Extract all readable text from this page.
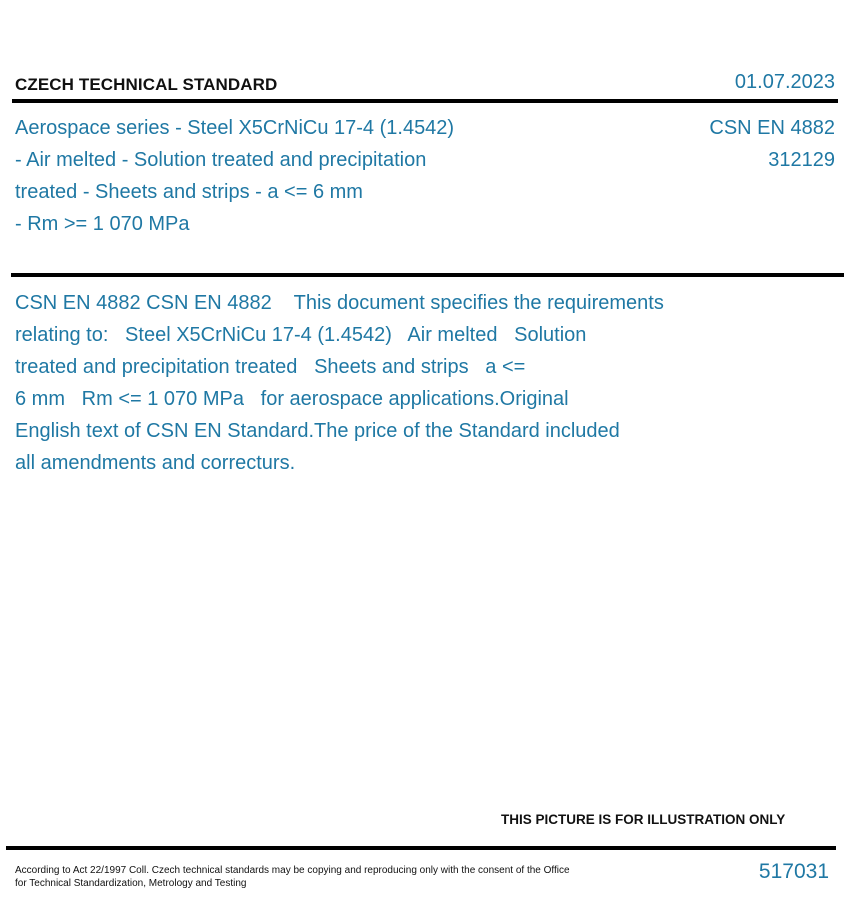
CZECH TECHNICAL STANDARD	01.07.2023
Aerospace series - Steel X5CrNiCu 17-4 (1.4542)
- Air melted - Solution treated and precipitation
treated - Sheets and strips - a <= 6 mm
- Rm >= 1 070 MPa
CSN EN 4882
312129
CSN EN 4882 CSN EN 4882    This document specifies the requirements
relating to:   Steel X5CrNiCu 17-4 (1.4542)   Air melted   Solution
treated and precipitation treated   Sheets and strips   a <=
6 mm   Rm <= 1 070 MPa   for aerospace applications.Original
English text of CSN EN Standard.The price of the Standard included
all amendments and correcturs.
THIS PICTURE IS FOR ILLUSTRATION ONLY
According to Act 22/1997 Coll. Czech technical standards may be copying and reproducing only with the consent of the Office
for Technical Standardization, Metrology and Testing
517031
